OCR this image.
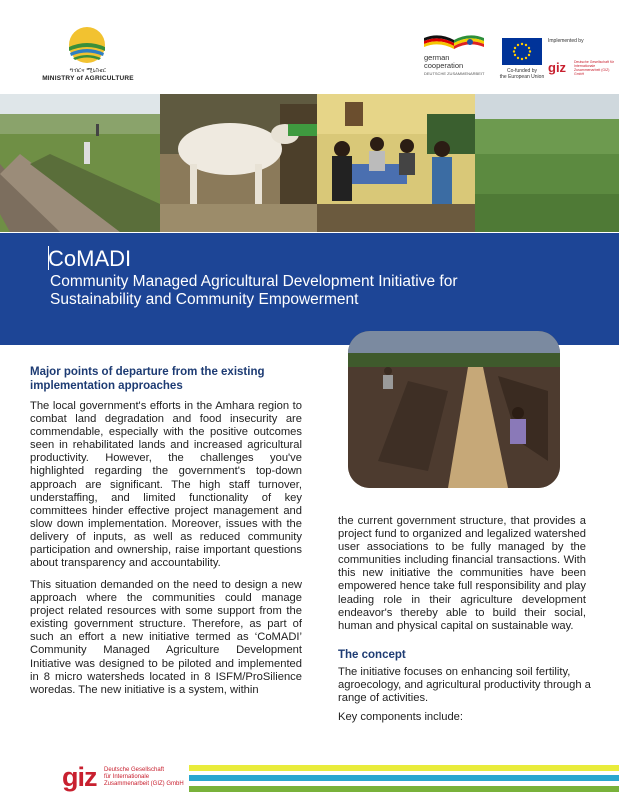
ግብርና ሚኒስቴር
MINISTRY of AGRICULTURE
german
cooperation
DEUTSCHE ZUSAMMENARBEIT	Co-funded by
the European Union
Implemented by
giz Deutsche Gesellschaft für Internationale Zusammenarbeit (GIZ) GmbH
CoMADI
Community Managed Agricultural Development Initiative for Sustainability and Community Empowerment
Major points of departure from the existing implementation approaches
The local government's efforts in the Amhara region to combat land degradation and food insecurity are commendable, especially with the positive outcomes seen in rehabilitated lands and increased agricultural productivity. However, the challenges you've highlighted regarding the government's top-down approach are significant. The high staff turnover, understaffing, and limited functionality of key committees hinder effective project management and slow down implementation. Moreover, issues with the delivery of inputs, as well as reduced community participation and ownership, raise important questions about transparency and accountability.
This situation demanded on the need to design a new approach where the communities could manage project related resources with some support from the existing government structure. Therefore, as part of such an effort a new initiative termed as ‘CoMADI’ Community Managed Agriculture Development Initiative was designed to be piloted and implemented in 8 micro watersheds located in 8 ISFM/ProSilience woredas. The new initiative is a system, within
the current government structure, that provides a project fund to organized and legalized watershed user associations to be fully managed by the communities including financial transactions. With this new initiative the communities have been empowered hence take full responsibility and play leading role in their agriculture development endeavor's thereby able to build their social, human and physical capital on sustainable way.
The concept
The initiative focuses on enhancing soil fertility, agroecology, and agricultural productivity through a range of activities.
Key components include:
giz Deutsche Gesellschaft
für Internationale
Zusammenarbeit (GIZ) GmbH
